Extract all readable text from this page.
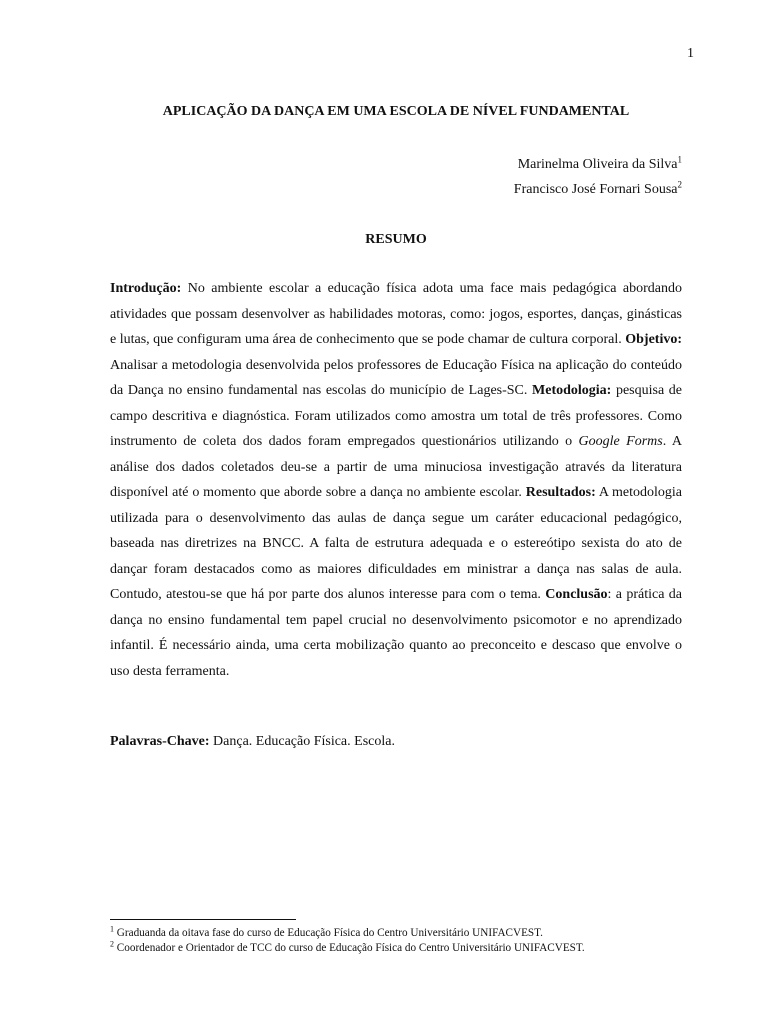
1
APLICAÇÃO DA DANÇA EM UMA ESCOLA DE NÍVEL FUNDAMENTAL
Marinelma Oliveira da Silva$^1$
Francisco José Fornari Sousa$^2$
RESUMO
Introdução: No ambiente escolar a educação física adota uma face mais pedagógica abordando atividades que possam desenvolver as habilidades motoras, como: jogos, esportes, danças, ginásticas e lutas, que configuram uma área de conhecimento que se pode chamar de cultura corporal. Objetivo: Analisar a metodologia desenvolvida pelos professores de Educação Física na aplicação do conteúdo da Dança no ensino fundamental nas escolas do município de Lages-SC. Metodologia: pesquisa de campo descritiva e diagnóstica. Foram utilizados como amostra um total de três professores. Como instrumento de coleta dos dados foram empregados questionários utilizando o Google Forms. A análise dos dados coletados deu-se a partir de uma minuciosa investigação através da literatura disponível até o momento que aborde sobre a dança no ambiente escolar. Resultados: A metodologia utilizada para o desenvolvimento das aulas de dança segue um caráter educacional pedagógico, baseada nas diretrizes na BNCC. A falta de estrutura adequada e o estereótipo sexista do ato de dançar foram destacados como as maiores dificuldades em ministrar a dança nas salas de aula. Contudo, atestou-se que há por parte dos alunos interesse para com o tema. Conclusão: a prática da dança no ensino fundamental tem papel crucial no desenvolvimento psicomotor e no aprendizado infantil. É necessário ainda, uma certa mobilização quanto ao preconceito e descaso que envolve o uso desta ferramenta.
Palavras-Chave: Dança. Educação Física. Escola.
$^1$ Graduanda da oitava fase do curso de Educação Física do Centro Universitário UNIFACVEST.
$^2$ Coordenador e Orientador de TCC do curso de Educação Física do Centro Universitário UNIFACVEST.
